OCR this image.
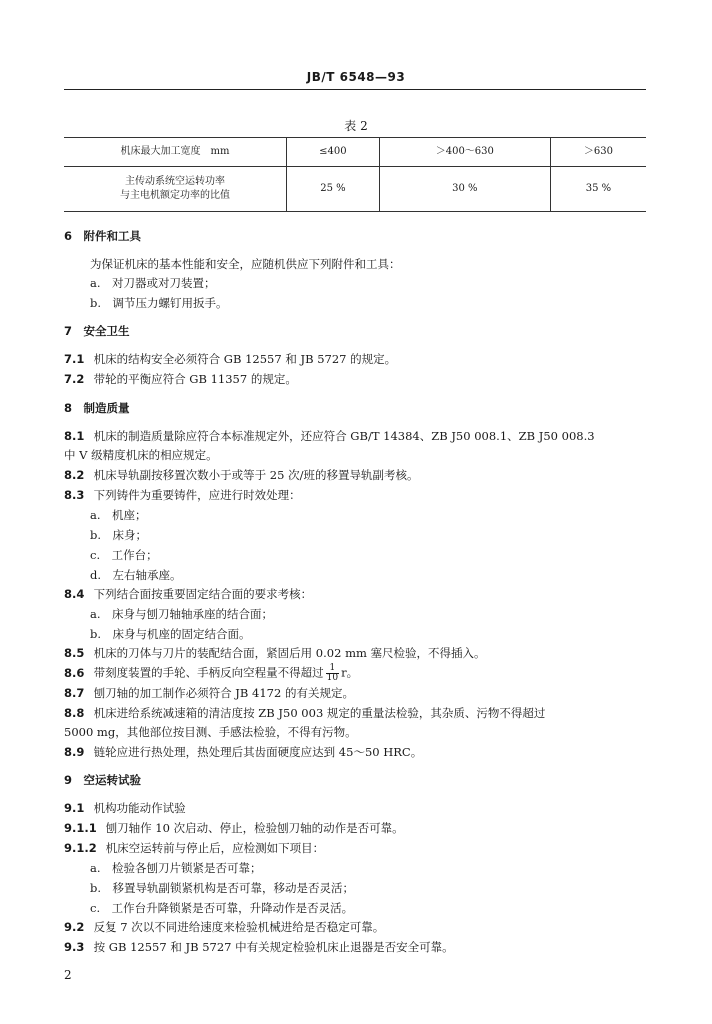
JB/T 6548—93
表 2
机床最大加工宽度　mm	≤400	＞400～630	＞630
主传动系统空运转功率
与主电机额定功率的比值	25 %	30 %	35 %
6　附件和工具
为保证机床的基本性能和安全，应随机供应下列附件和工具：
a.　对刀器或对刀装置；
b.　调节压力螺钉用扳手。
7　安全卫生
7.1 机床的结构安全必须符合 GB 12557 和 JB 5727 的规定。
7.2 带轮的平衡应符合 GB 11357 的规定。
8　制造质量
8.1 机床的制造质量除应符合本标准规定外，还应符合 GB/T 14384、ZB J50 008.1、ZB J50 008.3
中 V 级精度机床的相应规定。
8.2 机床导轨副按移置次数小于或等于 25 次/班的移置导轨副考核。
8.3 下列铸件为重要铸件，应进行时效处理：
a.　机座；
b.　床身；
c.　工作台；
d.　左右轴承座。
8.4 下列结合面按重要固定结合面的要求考核：
a.　床身与刨刀轴轴承座的结合面；
b.　床身与机座的固定结合面。
8.5 机床的刀体与刀片的装配结合面，紧固后用 0.02 mm 塞尺检验，不得插入。
8.6 带刻度装置的手轮、手柄反向空程量不得超过 $\frac{1}{10}$ r。
8.7 刨刀轴的加工制作必须符合 JB 4172 的有关规定。
8.8 机床进给系统减速箱的清洁度按 ZB J50 003 规定的重量法检验，其杂质、污物不得超过
5000 mg，其他部位按目测、手感法检验，不得有污物。
8.9 链轮应进行热处理，热处理后其齿面硬度应达到 45～50 HRC。
9　空运转试验
9.1 机构功能动作试验
9.1.1 刨刀轴作 10 次启动、停止，检验刨刀轴的动作是否可靠。
9.1.2 机床空运转前与停止后，应检测如下项目：
a.　检验各刨刀片锁紧是否可靠；
b.　移置导轨副锁紧机构是否可靠，移动是否灵活；
c.　工作台升降锁紧是否可靠，升降动作是否灵活。
9.2 反复 7 次以不同进给速度来检验机械进给是否稳定可靠。
9.3 按 GB 12557 和 JB 5727 中有关规定检验机床止退器是否安全可靠。
2
